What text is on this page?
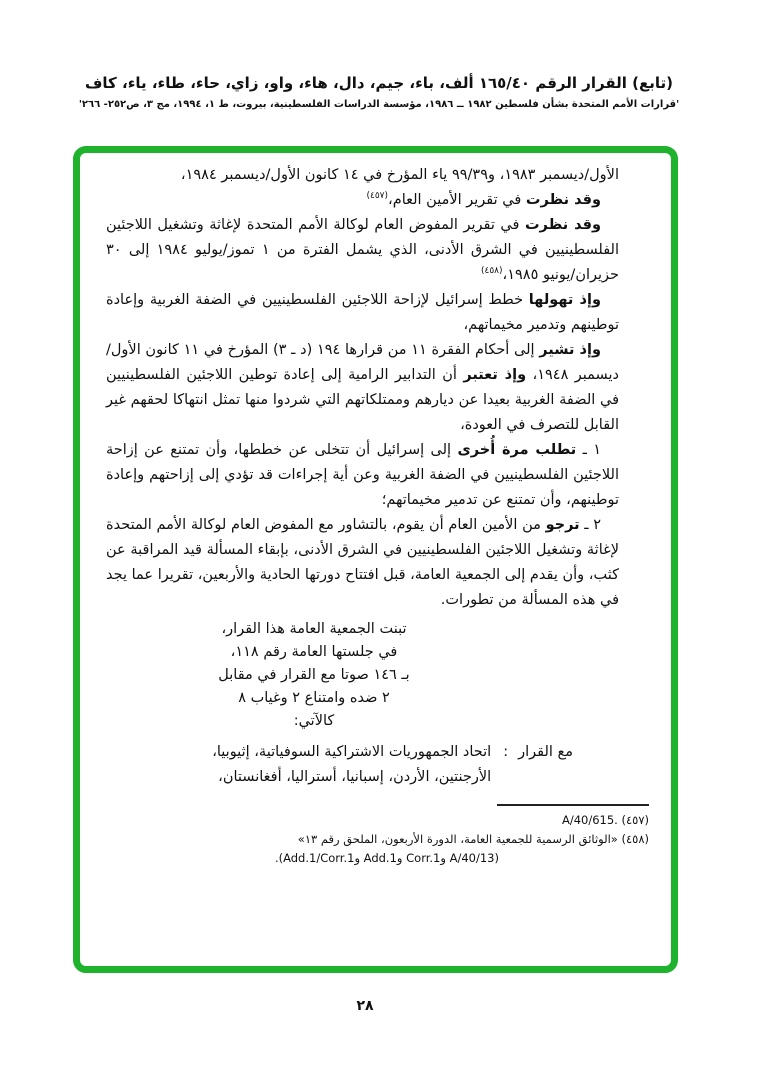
(تابع) القرار الرقم ١٦٥/٤٠ ألف، باء، جيم، دال، هاء، واو، زاي، حاء، طاء، ياء، كاف
'قرارات الأمم المتحدة بشأن فلسطين ١٩٨٢ ــ ١٩٨٦، مؤسسة الدراسات الفلسطينية، بيروت، ط ١، ١٩٩٤، مج ٣، ص٢٥٢- ٢٦٦'

الأول/ديسمبر ١٩٨٣، و٩٩/٣٩ ياء المؤرخ في ١٤ كانون الأول/ديسمبر ١٩٨٤،

وقد نظرت في تقرير الأمين العام،$^{(٤٥٧)}$

وقد نظرت في تقرير المفوض العام لوكالة الأمم المتحدة لإغاثة وتشغيل اللاجئين الفلسطينيين في الشرق الأدنى، الذي يشمل الفترة من ١ تموز/يوليو ١٩٨٤ إلى ٣٠ حزيران/يونيو ١٩٨٥،$^{(٤٥٨)}$

وإذ تهولها خطط إسرائيل لإزاحة اللاجئين الفلسطينيين في الضفة الغربية وإعادة توطينهم وتدمير مخيماتهم،

وإذ تشير إلى أحكام الفقرة ١١ من قرارها ١٩٤ (د ـ ٣) المؤرخ في ١١ كانون الأول/ديسمبر ١٩٤٨، وإذ تعتبر أن التدابير الرامية إلى إعادة توطين اللاجئين الفلسطينيين في الضفة الغربية بعيدا عن ديارهم وممتلكاتهم التي شردوا منها تمثل انتهاكا لحقهم غير القابل للتصرف في العودة،

١ ـ تطلب مرة أُخرى إلى إسرائيل أن تتخلى عن خططها، وأن تمتنع عن إزاحة اللاجئين الفلسطينيين في الضفة الغربية وعن أية إجراءات قد تؤدي إلى إزاحتهم وإعادة توطينهم، وأن تمتنع عن تدمير مخيماتهم؛

٢ ـ ترجو من الأمين العام أن يقوم، بالتشاور مع المفوض العام لوكالة الأمم المتحدة لإغاثة وتشغيل اللاجئين الفلسطينيين في الشرق الأدنى، بإبقاء المسألة قيد المراقبة عن كثب، وأن يقدم إلى الجمعية العامة، قبل افتتاح دورتها الحادية والأربعين، تقريرا عما يجد في هذه المسألة من تطورات.

تبنت الجمعية العامة هذا القرار،
في جلستها العامة رقم ١١٨،
بـ ١٤٦ صوتا مع القرار في مقابل
٢ ضده وامتناع ٢ وغياب ٨
كالآتي:
مع القرار
:
اتحاد الجمهوريات الاشتراكية السوفياتية، إثيوبيا، الأرجنتين، الأردن، إسبانيا، أستراليا، أفغانستان،
(٤٥٧) A/40/615.
(٤٥٨) «الوثائق الرسمية للجمعية العامة، الدورة الأربعون، الملحق رقم ١٣»
(A/40/13 وCorr.1 وAdd.1 وAdd.1/Corr.1).
٢٨
